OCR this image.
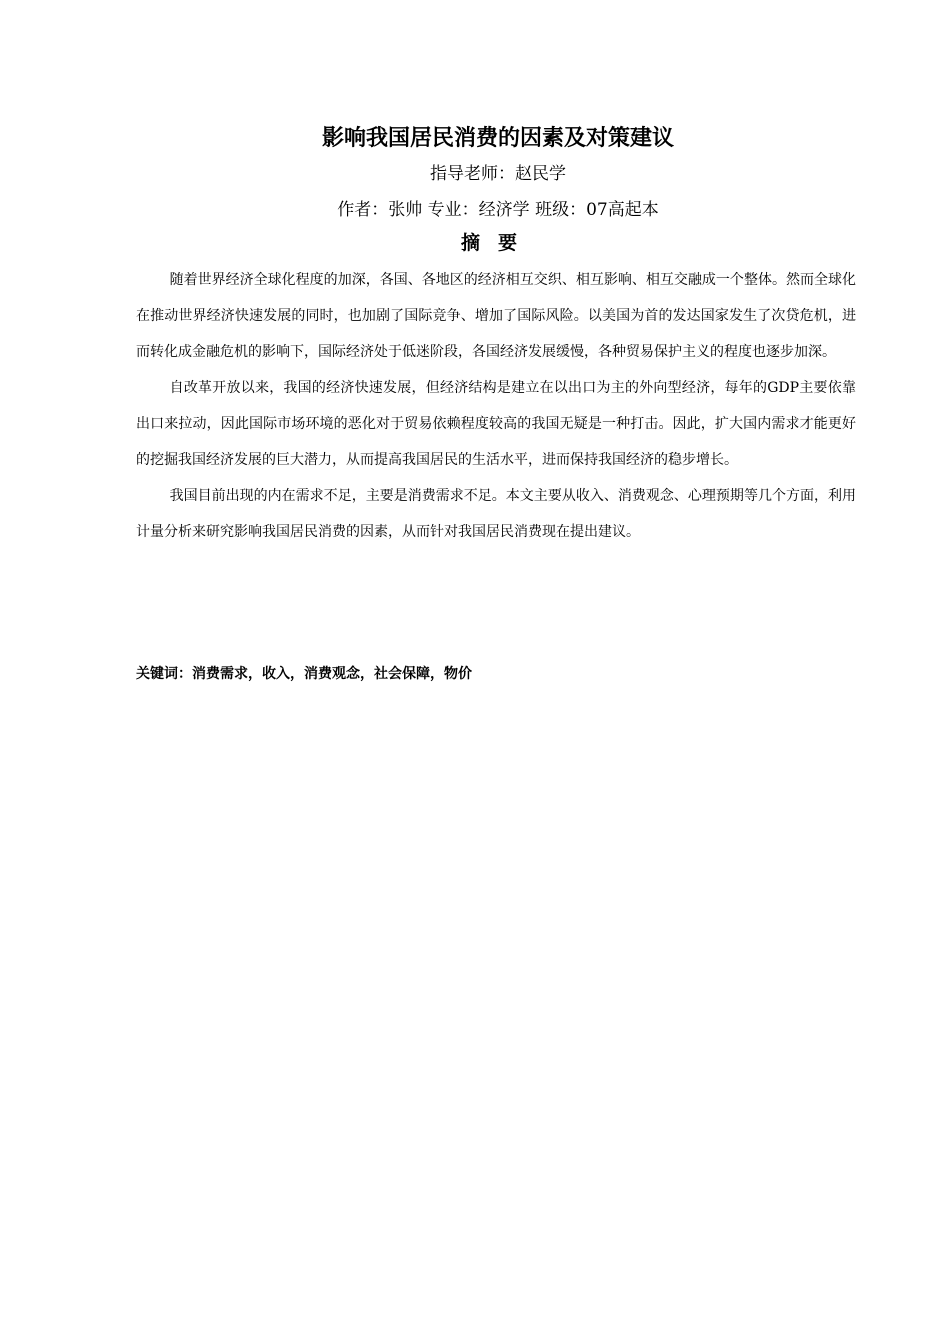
影响我国居民消费的因素及对策建议
指导老师：赵民学
作者：张帅 专业：经济学 班级：07高起本
摘要

随着世界经济全球化程度的加深，各国、各地区的经济相互交织、相互影响、相互交融成一个整体。然而全球化在推动世界经济快速发展的同时，也加剧了国际竞争、增加了国际风险。以美国为首的发达国家发生了次贷危机，进而转化成金融危机的影响下，国际经济处于低迷阶段，各国经济发展缓慢，各种贸易保护主义的程度也逐步加深。

自改革开放以来，我国的经济快速发展，但经济结构是建立在以出口为主的外向型经济，每年的GDP主要依靠出口来拉动，因此国际市场环境的恶化对于贸易依赖程度较高的我国无疑是一种打击。因此，扩大国内需求才能更好的挖掘我国经济发展的巨大潜力，从而提高我国居民的生活水平，进而保持我国经济的稳步增长。

我国目前出现的内在需求不足，主要是消费需求不足。本文主要从收入、消费观念、心理预期等几个方面，利用计量分析来研究影响我国居民消费的因素，从而针对我国居民消费现在提出建议。

关键词：消费需求，收入，消费观念，社会保障，物价
